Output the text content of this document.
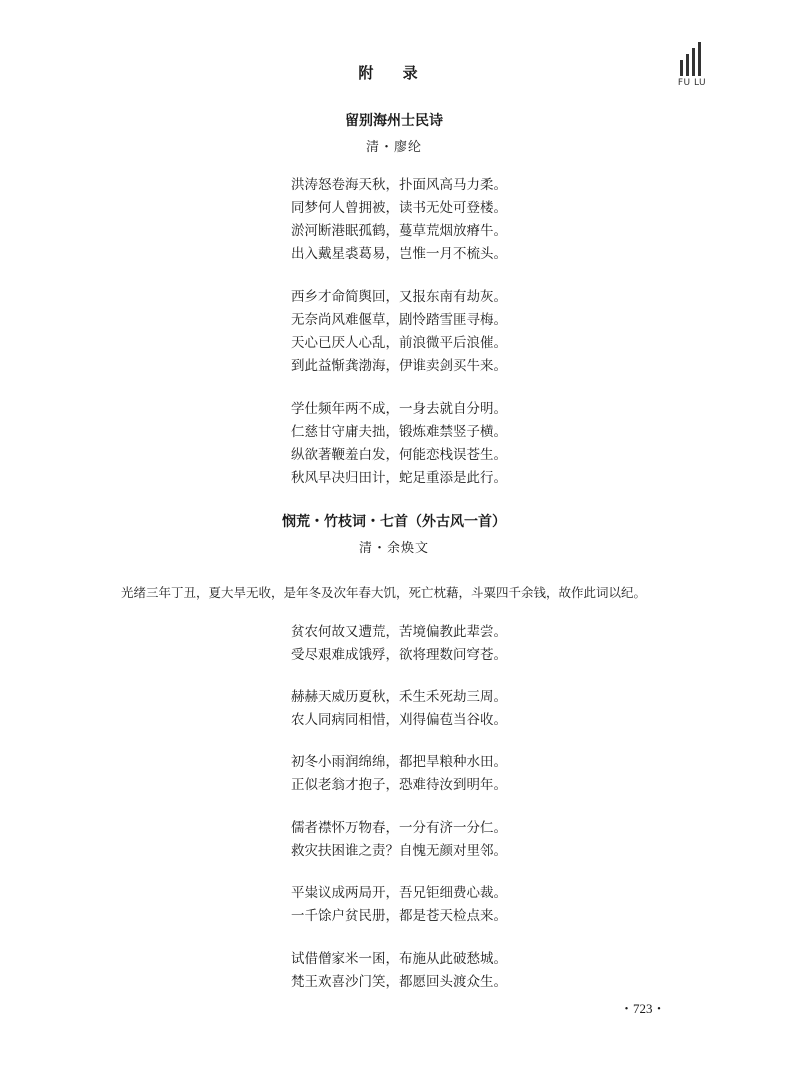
附 录
FU LU
留别海州士民诗
清・廖纶
洪涛怒卷海天秋，扑面风高马力柔。
同梦何人曾拥被，读书无处可登楼。
淤河断港眠孤鹤，蔓草荒烟放瘠牛。
出入戴星裘葛易，岂惟一月不梳头。
西乡才命简舆回，又报东南有劫灰。
无奈尚风难偃草，剧怜踏雪匪寻梅。
天心已厌人心乱，前浪微平后浪催。
到此益惭龚渤海，伊谁卖剑买牛来。
学仕频年两不成，一身去就自分明。
仁慈甘守庸夫拙，锻炼难禁竖子横。
纵欲著鞭羞白发，何能恋栈误苍生。
秋风早决归田计，蛇足重添是此行。
悯荒・竹枝词・七首（外古风一首）
清・余焕文
光绪三年丁丑，夏大旱无收，是年冬及次年春大饥，死亡枕藉，斗粟四千余钱，故作此词以纪。
贫农何故又遭荒，苦境偏教此辈尝。
受尽艰难成饿殍，欲将理数问穹苍。
赫赫天威历夏秋，禾生禾死劫三周。
农人同病同相惜，刈得偏苞当谷收。
初冬小雨润绵绵，都把旱粮种水田。
正似老翁才抱子，恐难待汝到明年。
儒者襟怀万物春，一分有济一分仁。
救灾扶困谁之责？自愧无颜对里邻。
平粜议成两局开，吾兄钜细费心裁。
一千馀户贫民册，都是苍天检点来。
试借僧家米一囷，布施从此破愁城。
梵王欢喜沙门笑，都愿回头渡众生。
・723・
